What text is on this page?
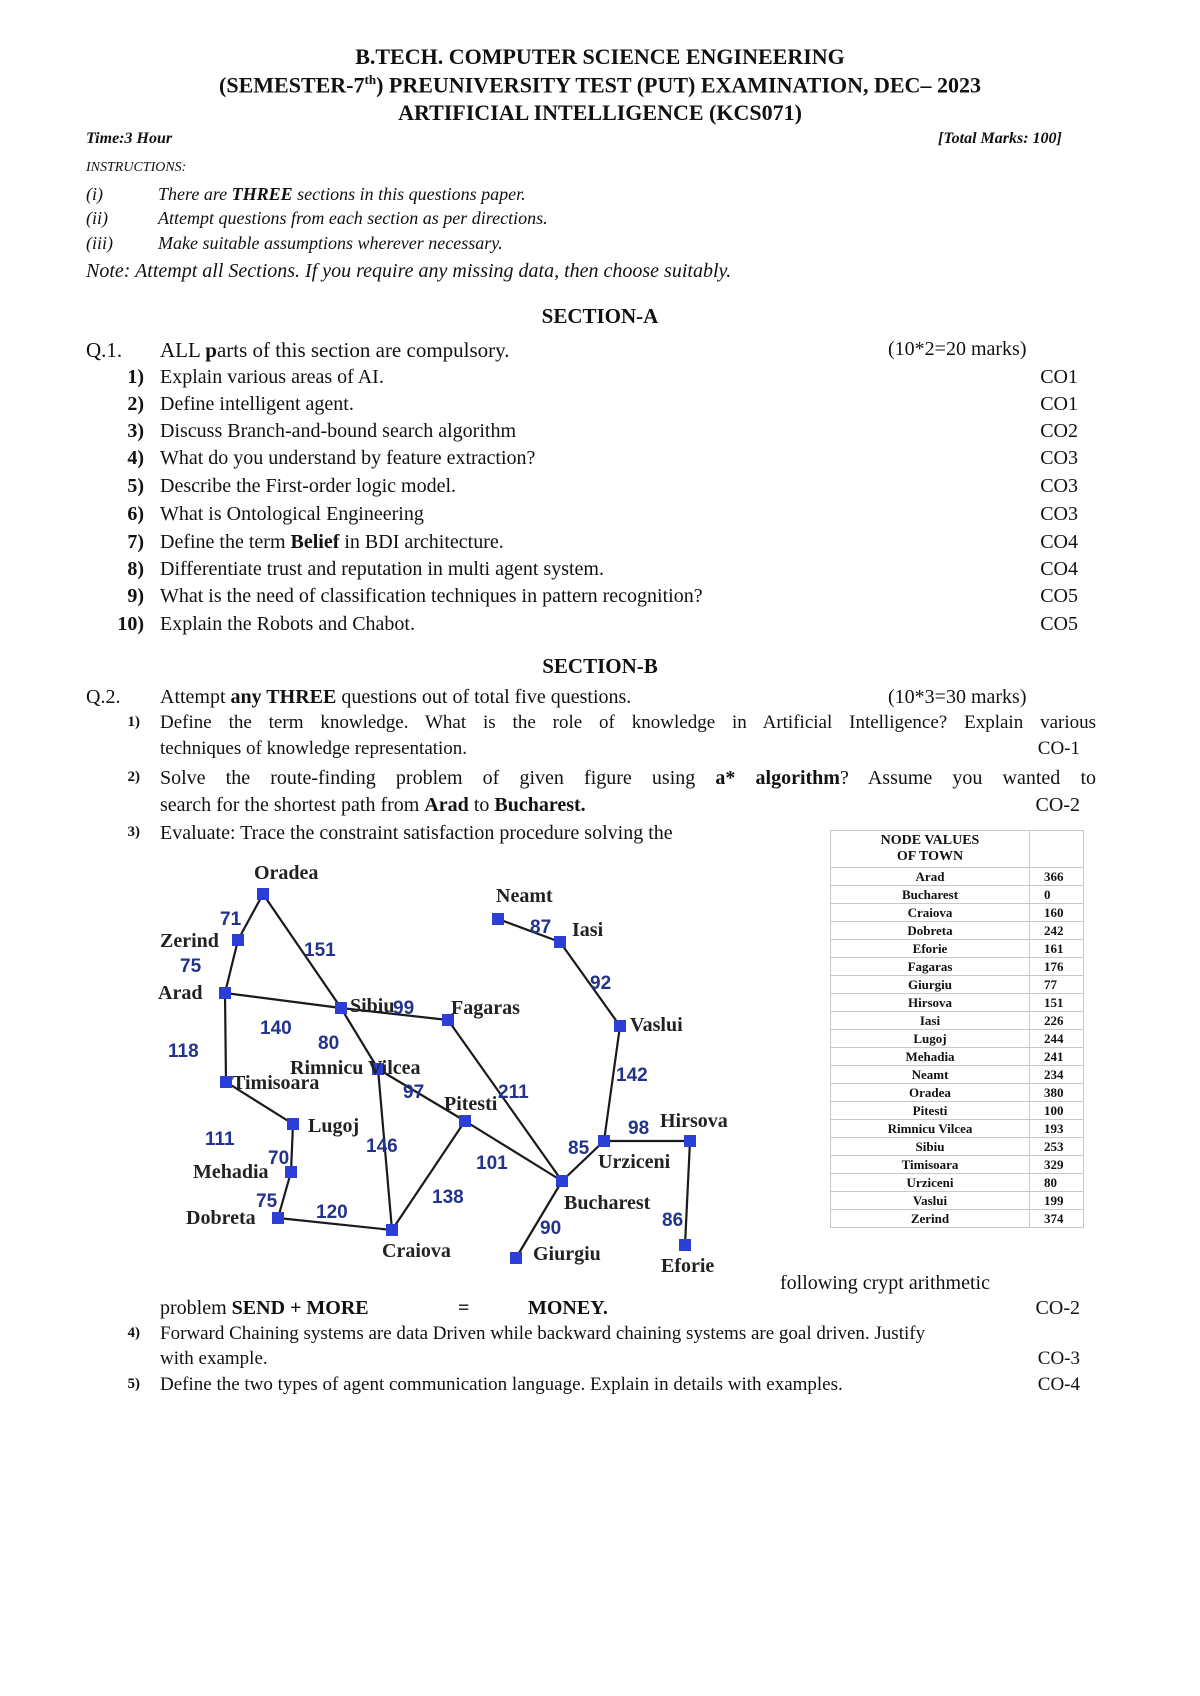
B.TECH. COMPUTER SCIENCE ENGINEERING
(SEMESTER-7th) PREUNIVERSITY TEST (PUT) EXAMINATION, DEC– 2023
ARTIFICIAL INTELLIGENCE (KCS071)
Time:3 Hour	[Total Marks: 100]
INSTRUCTIONS:
(i)	There are THREE sections in this questions paper.
(ii)	Attempt questions from each section as per directions.
(iii)	Make suitable assumptions wherever necessary.
Note: Attempt all Sections. If you require any missing data, then choose suitably.
SECTION-A
Q.1. ALL parts of this section are compulsory.	(10*2=20 marks)
1) Explain various areas of AI.	CO1
2) Define intelligent agent.	CO1
3) Discuss Branch-and-bound search algorithm	CO2
4) What do you understand by feature extraction?	CO3
5) Describe the First-order logic model.	CO3
6) What is Ontological Engineering	CO3
7) Define the term Belief in BDI architecture.	CO4
8) Differentiate trust and reputation in multi agent system.	CO4
9) What is the need of classification techniques in pattern recognition?	CO5
10) Explain the Robots and Chabot.	CO5
SECTION-B
Q.2. Attempt any THREE questions out of total five questions.	(10*3=30 marks)
1) Define the term knowledge. What is the role of knowledge in Artificial Intelligence? Explain various
techniques of knowledge representation.	CO-1
2) Solve the route-finding problem of given figure using a* algorithm? Assume you wanted to
search for the shortest path from Arad to Bucharest.	CO-2
3) Evaluate: Trace the constraint satisfaction procedure solving the
Oradea
Zerind
Arad
Sibiu	Fagaras
Neamt
Iasi
Vaslui
Rimnicu Vilcea
Timisoara
Pitesti
Lugoj
Mehadia
Dobreta
Craiova
Bucharest
Giurgiu
Urziceni
Hirsova
Eforie
71
151
75
140
118
99
80
87
92
142
211
97
146
111
70
75
120
138
101
85
90
98
86
NODE VALUES
OF TOWN	
Arad	366
Bucharest	0
Craiova	160
Dobreta	242
Eforie	161
Fagaras	176
Giurgiu	77
Hirsova	151
Iasi	226
Lugoj	244
Mehadia	241
Neamt	234
Oradea	380
Pitesti	100
Rimnicu Vilcea	193
Sibiu	253
Timisoara	329
Urziceni	80
Vaslui	199
Zerind	374
following crypt arithmetic
problem SEND + MORE	=	MONEY.	CO-2
4) Forward Chaining systems are data Driven while backward chaining systems are goal driven. Justify
with example.	CO-3
5) Define the two types of agent communication language. Explain in details with examples.	CO-4
